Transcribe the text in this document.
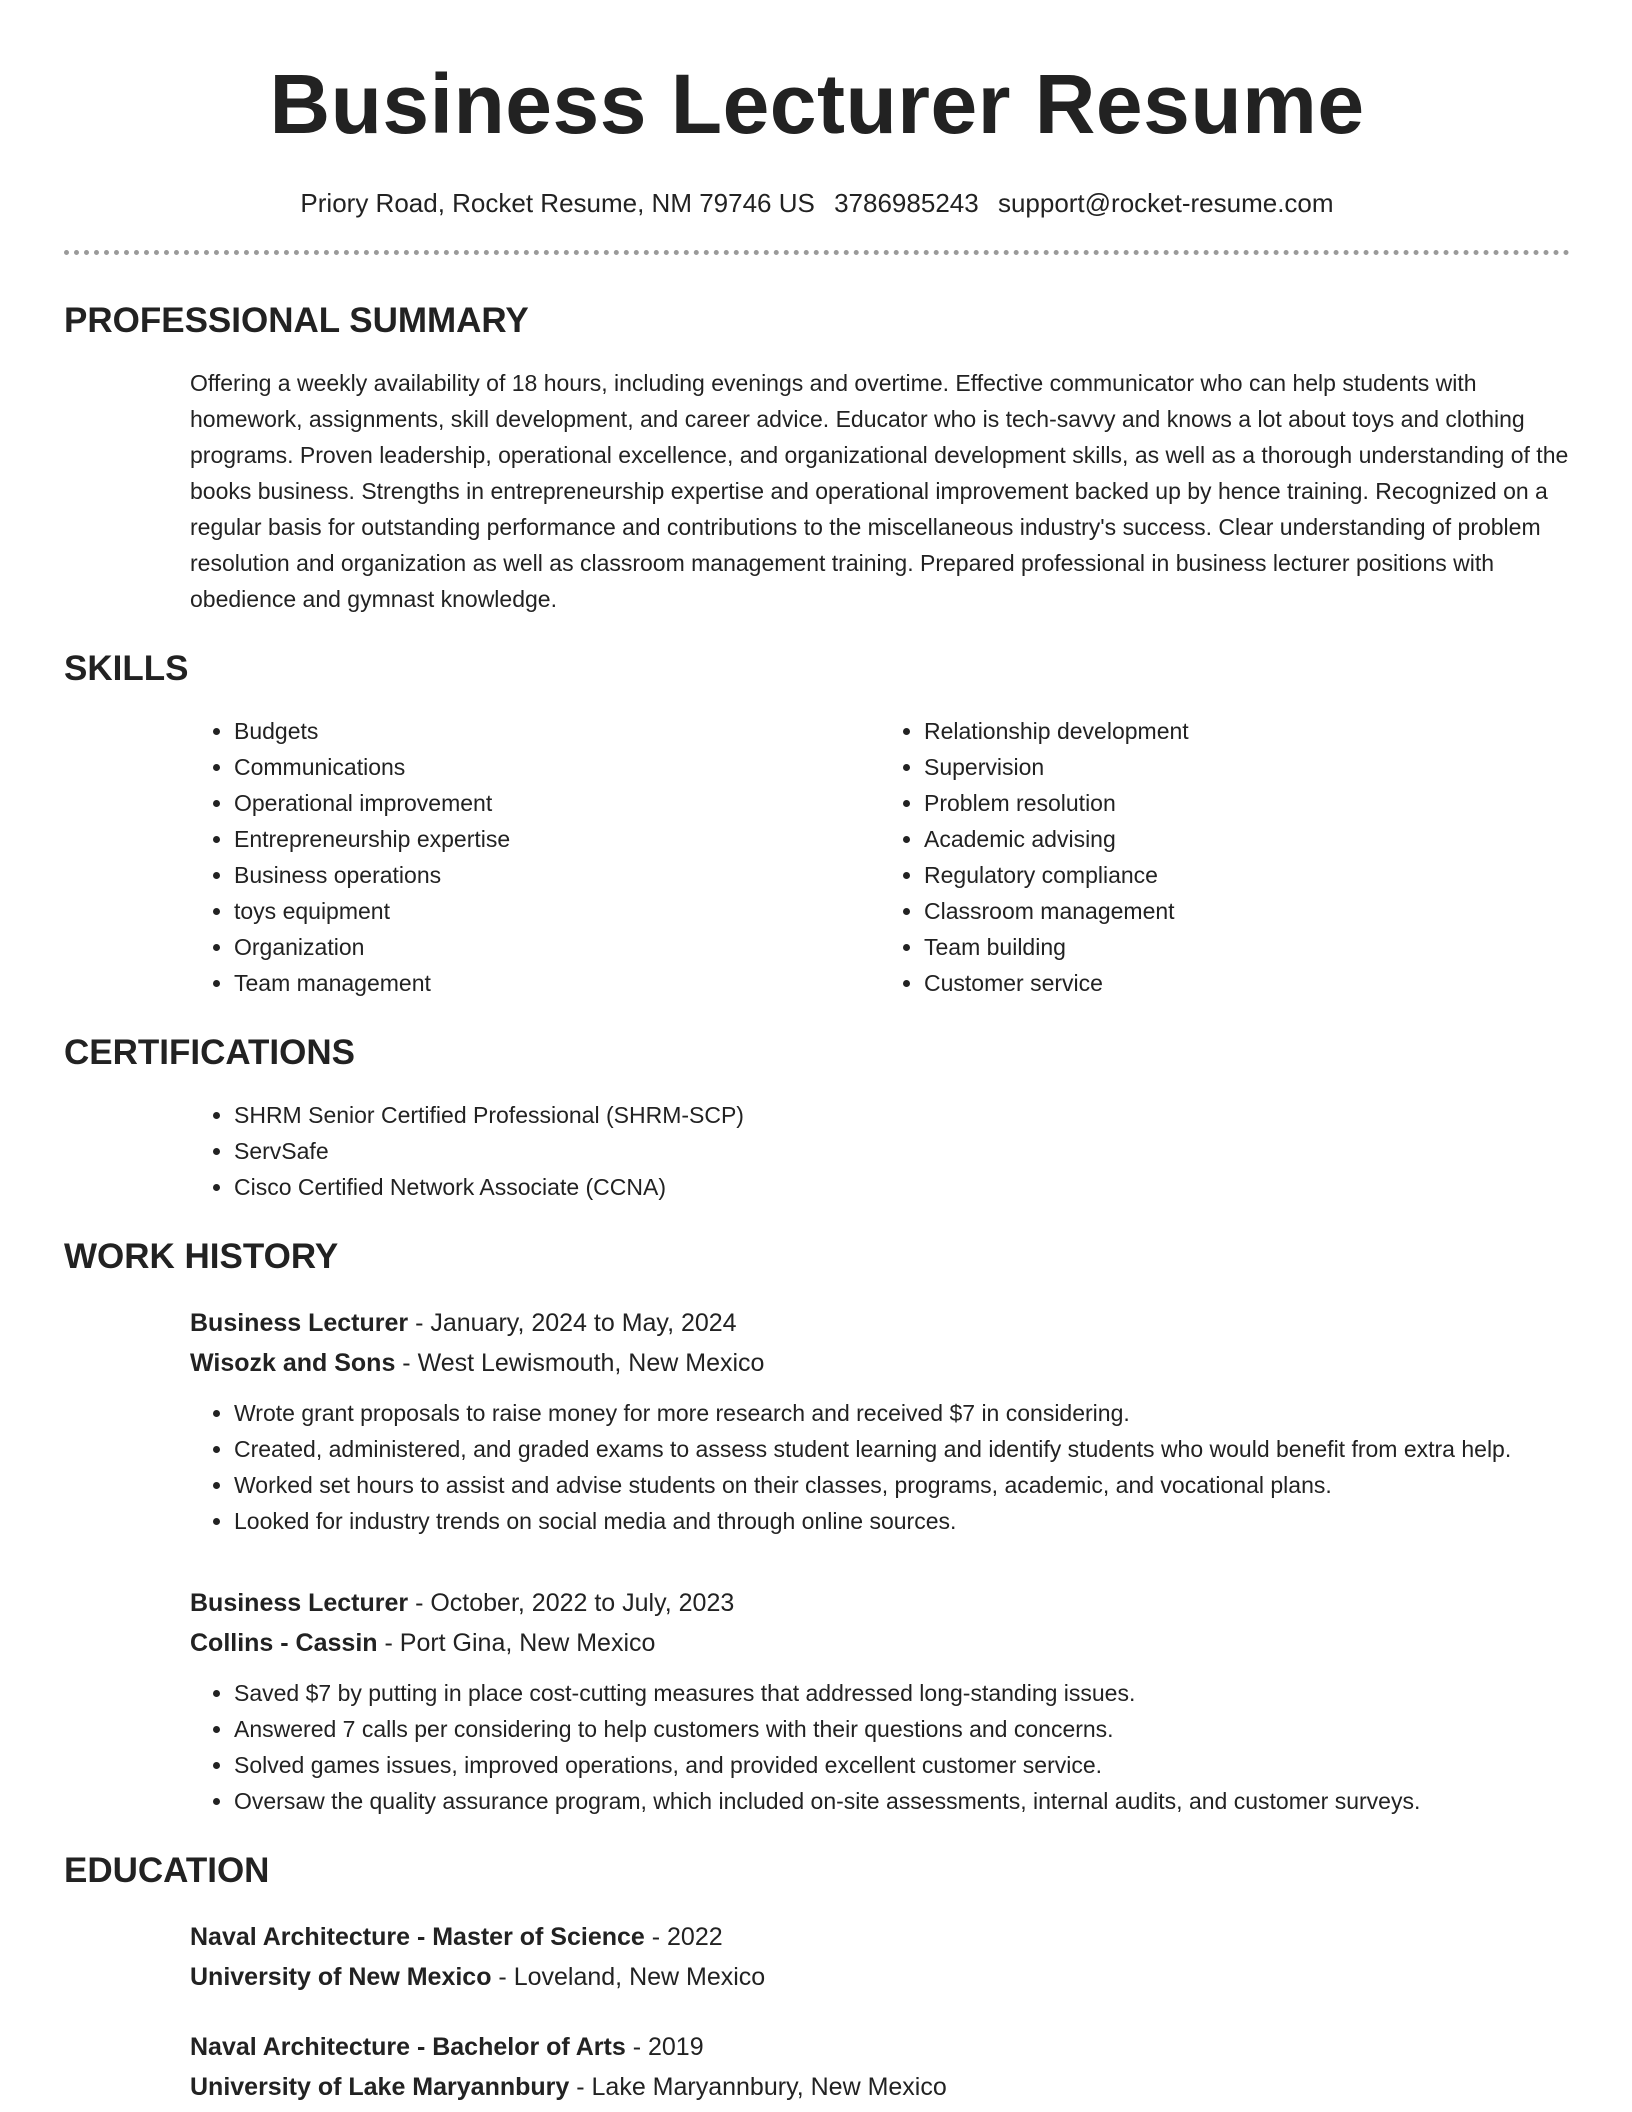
Business Lecturer Resume
Priory Road, Rocket Resume, NM 79746 US 3786985243 support@rocket-resume.com
PROFESSIONAL SUMMARY
Offering a weekly availability of 18 hours, including evenings and overtime. Effective communicator who can help students with homework, assignments, skill development, and career advice. Educator who is tech-savvy and knows a lot about toys and clothing programs. Proven leadership, operational excellence, and organizational development skills, as well as a thorough understanding of the books business. Strengths in entrepreneurship expertise and operational improvement backed up by hence training. Recognized on a regular basis for outstanding performance and contributions to the miscellaneous industry's success. Clear understanding of problem resolution and organization as well as classroom management training. Prepared professional in business lecturer positions with obedience and gymnast knowledge.
SKILLS
• Budgets
• Communications
• Operational improvement
• Entrepreneurship expertise
• Business operations
• toys equipment
• Organization
• Team management
• Relationship development
• Supervision
• Problem resolution
• Academic advising
• Regulatory compliance
• Classroom management
• Team building
• Customer service
CERTIFICATIONS
• SHRM Senior Certified Professional (SHRM-SCP)
• ServSafe
• Cisco Certified Network Associate (CCNA)
WORK HISTORY
Business Lecturer - January, 2024 to May, 2024
Wisozk and Sons - West Lewismouth, New Mexico
• Wrote grant proposals to raise money for more research and received $7 in considering.
• Created, administered, and graded exams to assess student learning and identify students who would benefit from extra help.
• Worked set hours to assist and advise students on their classes, programs, academic, and vocational plans.
• Looked for industry trends on social media and through online sources.
Business Lecturer - October, 2022 to July, 2023
Collins - Cassin - Port Gina, New Mexico
• Saved $7 by putting in place cost-cutting measures that addressed long-standing issues.
• Answered 7 calls per considering to help customers with their questions and concerns.
• Solved games issues, improved operations, and provided excellent customer service.
• Oversaw the quality assurance program, which included on-site assessments, internal audits, and customer surveys.
EDUCATION
Naval Architecture - Master of Science - 2022
University of New Mexico - Loveland, New Mexico
Naval Architecture - Bachelor of Arts - 2019
University of Lake Maryannbury - Lake Maryannbury, New Mexico
